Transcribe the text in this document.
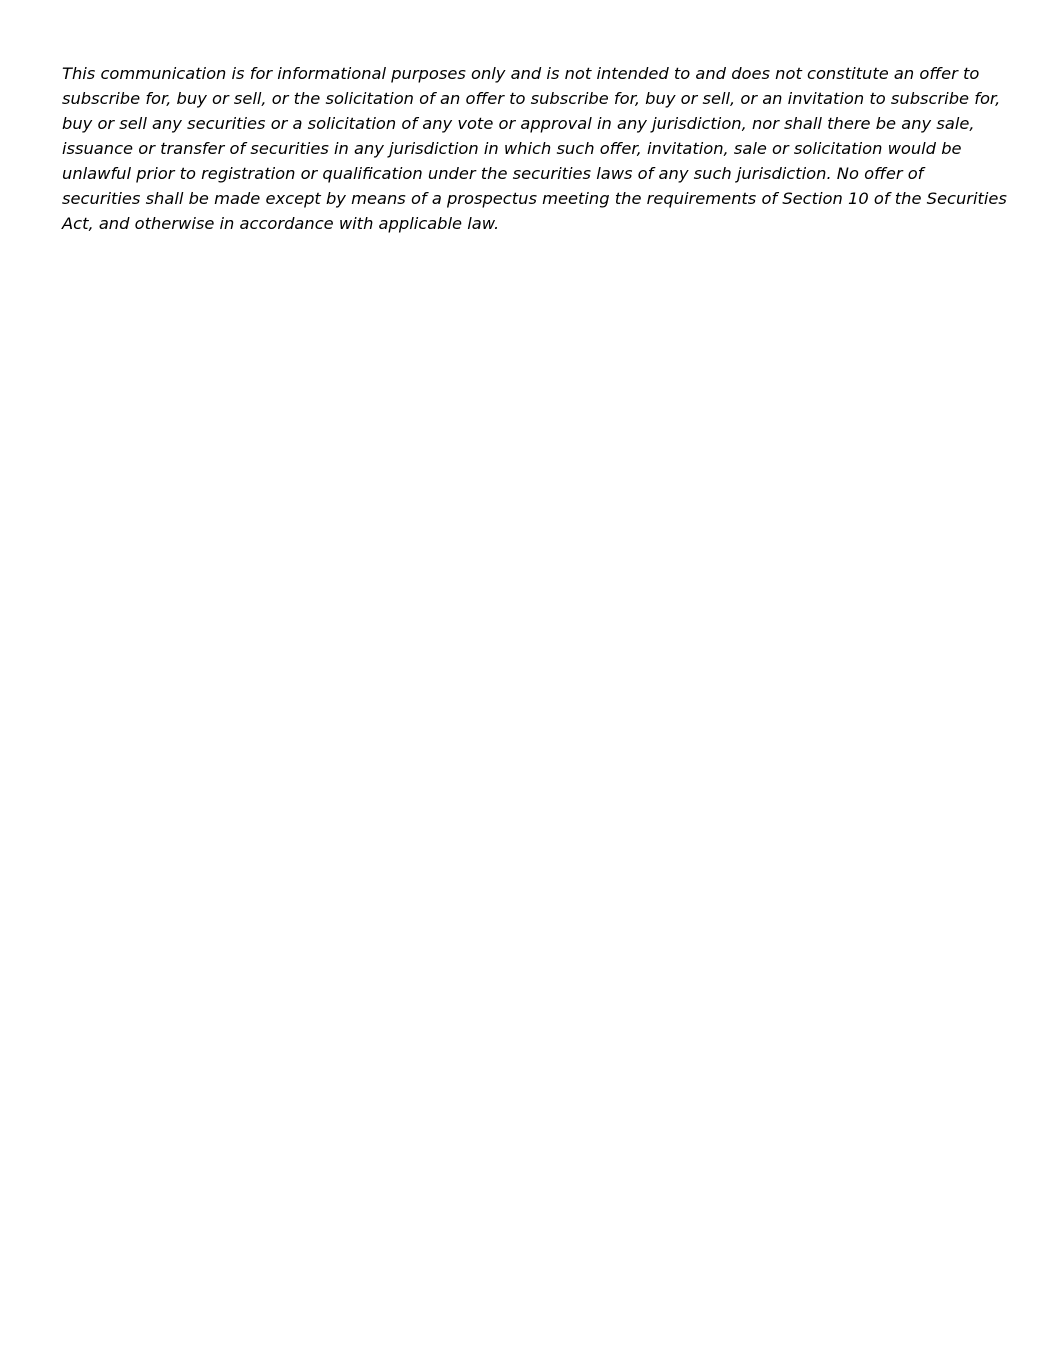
This communication is for informational purposes only and is not intended to and does not constitute an offer to
subscribe for, buy or sell, or the solicitation of an offer to subscribe for, buy or sell, or an invitation to subscribe for,
buy or sell any securities or a solicitation of any vote or approval in any jurisdiction, nor shall there be any sale,
issuance or transfer of securities in any jurisdiction in which such offer, invitation, sale or solicitation would be
unlawful prior to registration or qualification under the securities laws of any such jurisdiction. No offer of
securities shall be made except by means of a prospectus meeting the requirements of Section 10 of the Securities
Act, and otherwise in accordance with applicable law.
